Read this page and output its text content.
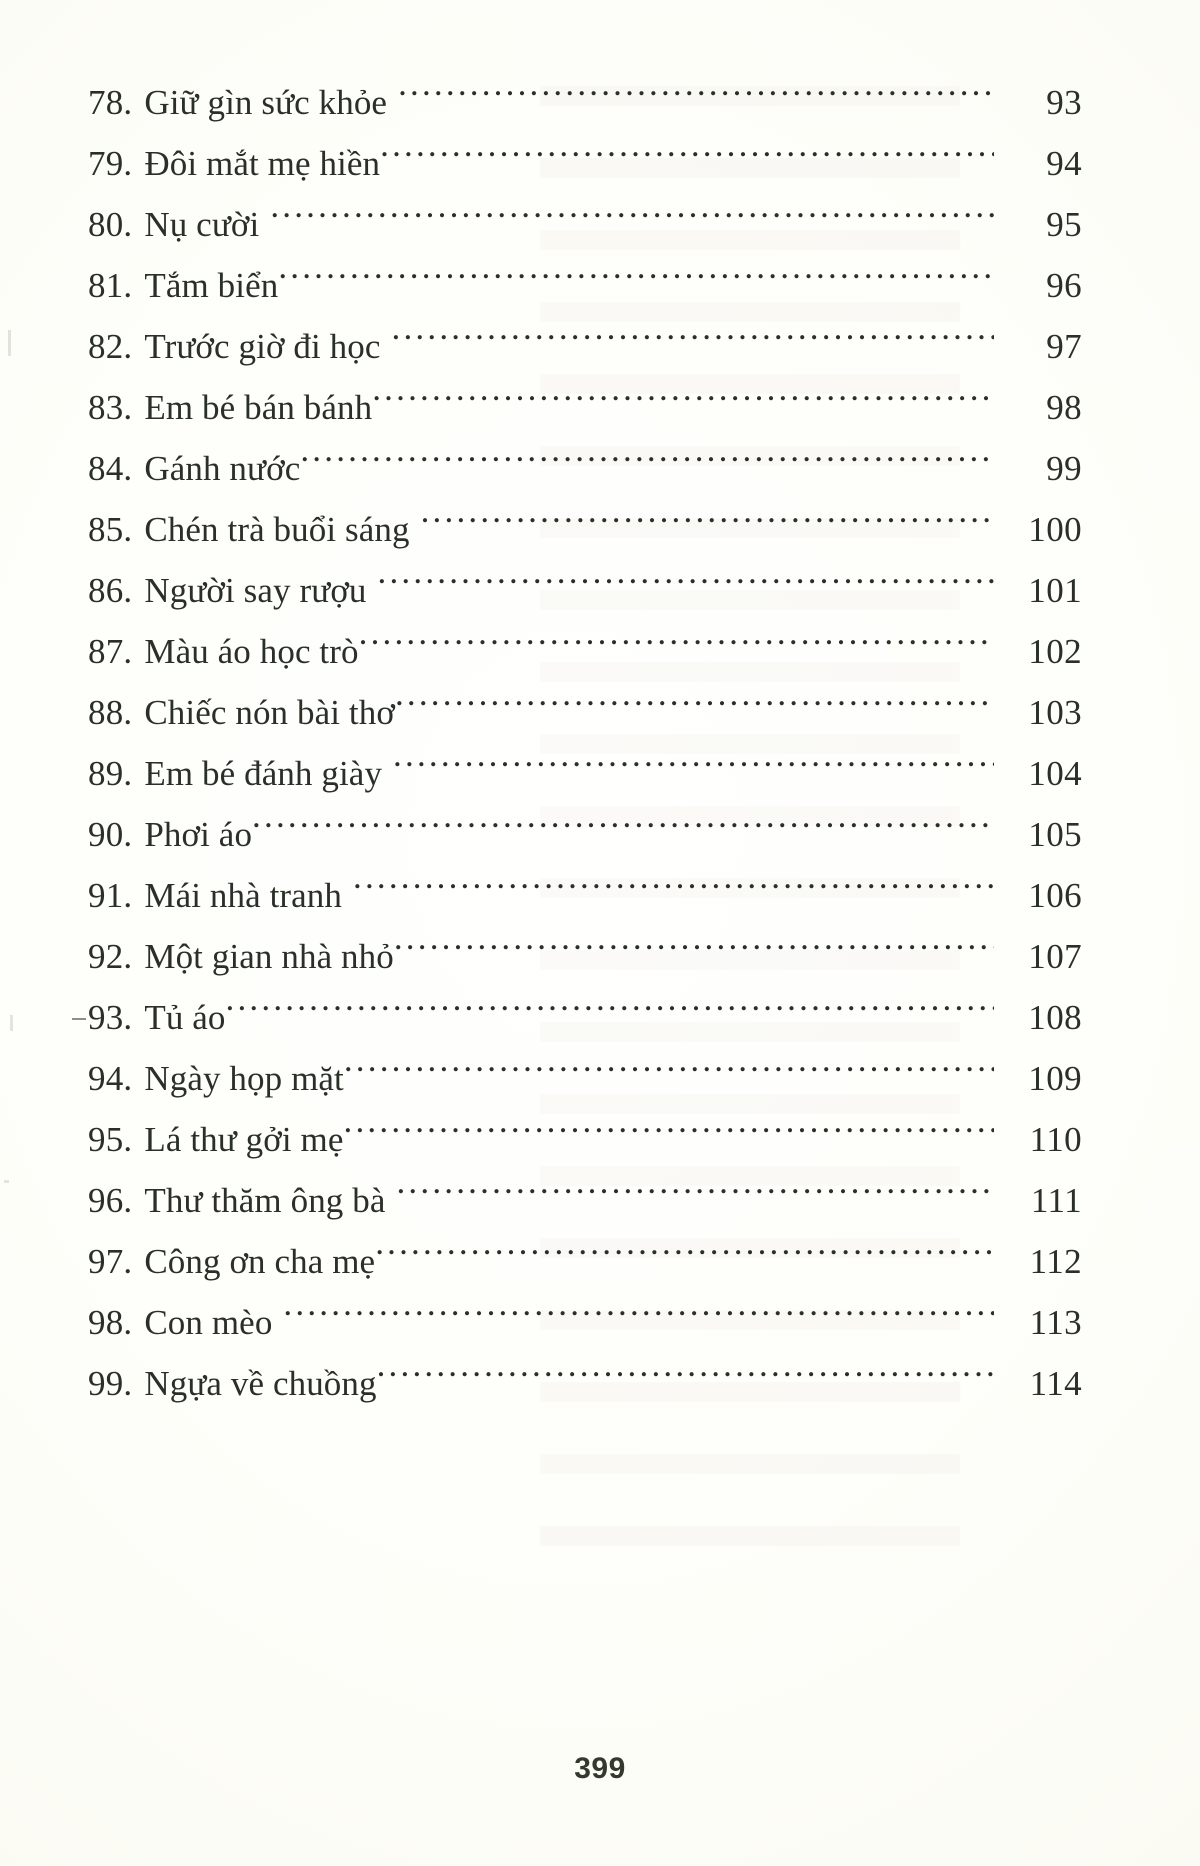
78. Giữ gìn sức khỏe .....	93
79. Đôi mắt mẹ hiền .....	94
80. Nụ cười .....	95
81. Tắm biển .....	96
82. Trước giờ đi học .....	97
83. Em bé bán bánh .....	98
84. Gánh nước .....	99
85. Chén trà buổi sáng .....	100
86. Người say rượu .....	101
87. Màu áo học trò .....	102
88. Chiếc nón bài thơ .....	103
89. Em bé đánh giày .....	104
90. Phơi áo .....	105
91. Mái nhà tranh .....	106
92. Một gian nhà nhỏ .....	107
93. Tủ áo .....	108
94. Ngày họp mặt .....	109
95. Lá thư gởi mẹ .....	110
96. Thư thăm ông bà .....	111
97. Công ơn cha mẹ .....	112
98. Con mèo .....	113
99. Ngựa về chuồng .....	114
399
